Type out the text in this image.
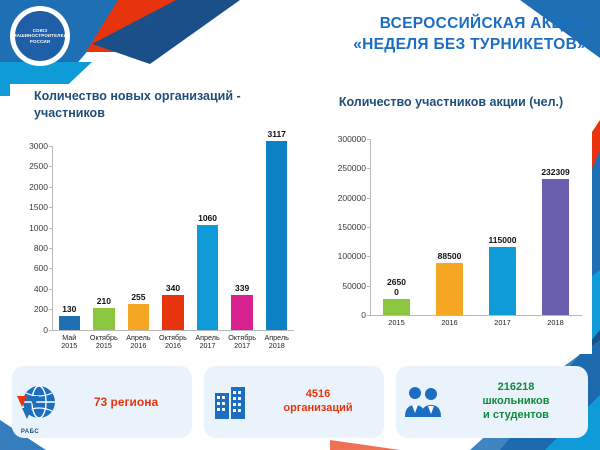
СОЮЗ
МАШИНОСТРОИТЕЛЕЙ
РОССИИ
ВСЕРОССИЙСКАЯ АКЦИЯ
«НЕДЕЛЯ БЕЗ ТУРНИКЕТОВ»
Количество новых организаций - участников
0
200
400
600
800
1000
1500
2000
2500
3000
130
Май
2015
210
Октябрь
2015
255
Апрель
2016
340
Октябрь
2016
1060
Апрель
2017
339
Октябрь
2017
3117
Апрель
2018
Количество участников акции (чел.)
0
50000
100000
150000
200000
250000
300000
2650
0
2015
88500
2016
115000
2017
232309
2018
73 региона
4516
организаций
216218
школьников
и студентов
РАБС
